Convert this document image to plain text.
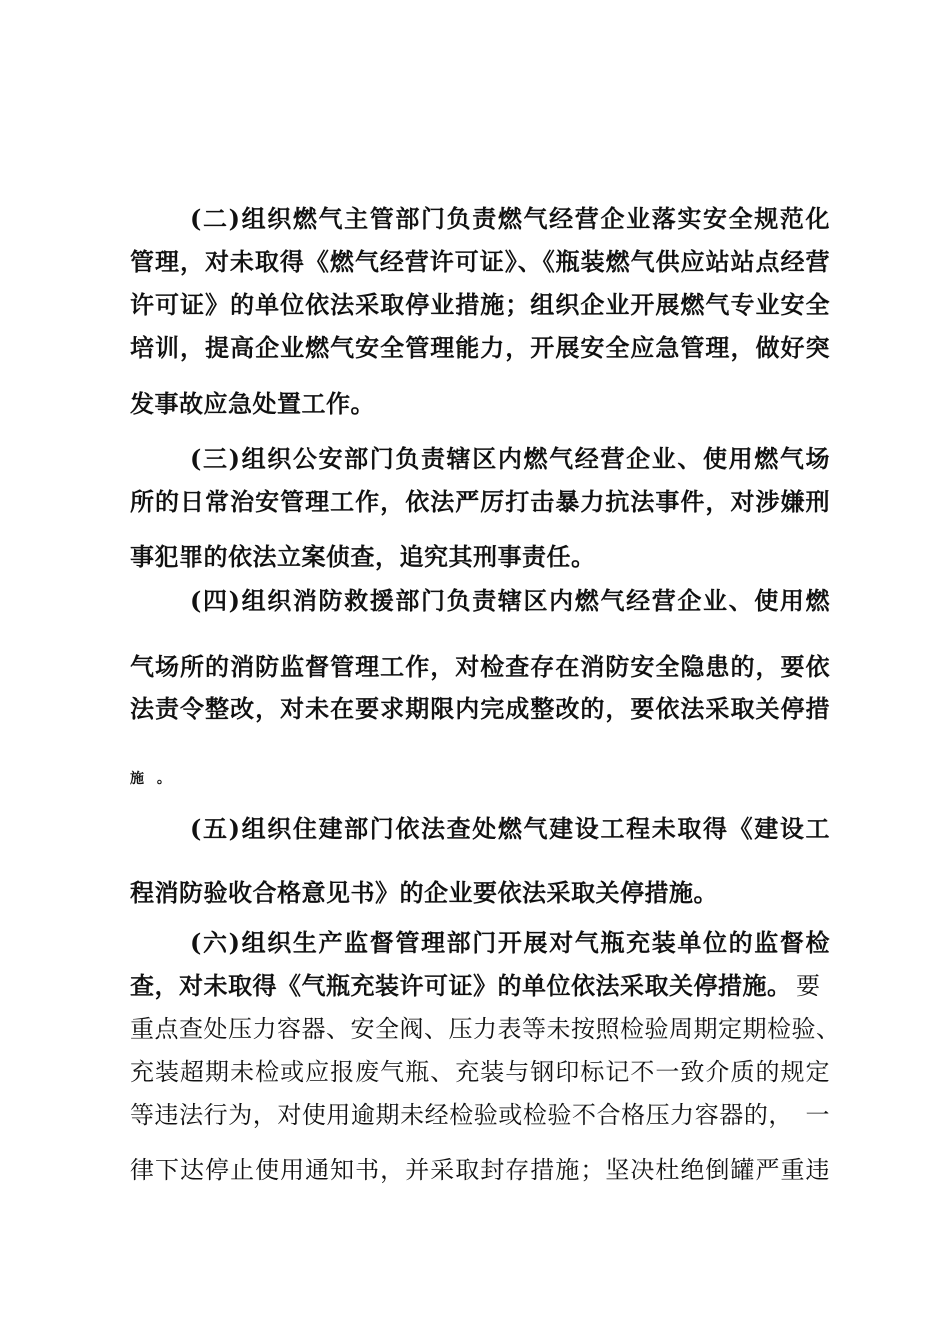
(二)组织燃气主管部门负责燃气经营企业落实安全规范化
管理，对未取得《燃气经营许可证》、《瓶装燃气供应站站点经营
许可证》的单位依法采取停业措施；组织企业开展燃气专业安全
培训，提高企业燃气安全管理能力，开展安全应急管理，做好突
发事故应急处置工作。
(三)组织公安部门负责辖区内燃气经营企业、使用燃气场
所的日常治安管理工作，依法严厉打击暴力抗法事件，对涉嫌刑
事犯罪的依法立案侦查，追究其刑事责任。
(四)组织消防救援部门负责辖区内燃气经营企业、使用燃
气场所的消防监督管理工作，对检查存在消防安全隐患的，要依
法责令整改，对未在要求期限内完成整改的，要依法采取关停措
施 。
(五)组织住建部门依法查处燃气建设工程未取得《建设工
程消防验收合格意见书》的企业要依法采取关停措施。
(六)组织生产监督管理部门开展对气瓶充装单位的监督检
查，对未取得《气瓶充装许可证》的单位依法采取关停措施。 要
重点查处压力容器、安全阀、压力表等未按照检验周期定期检验、
充装超期未检或应报废气瓶、充装与钢印标记不一致介质的规定
等违法行为，对使用逾期未经检验或检验不合格压力容器的，　一
律下达停止使用通知书，并采取封存措施；坚决杜绝倒罐严重违
